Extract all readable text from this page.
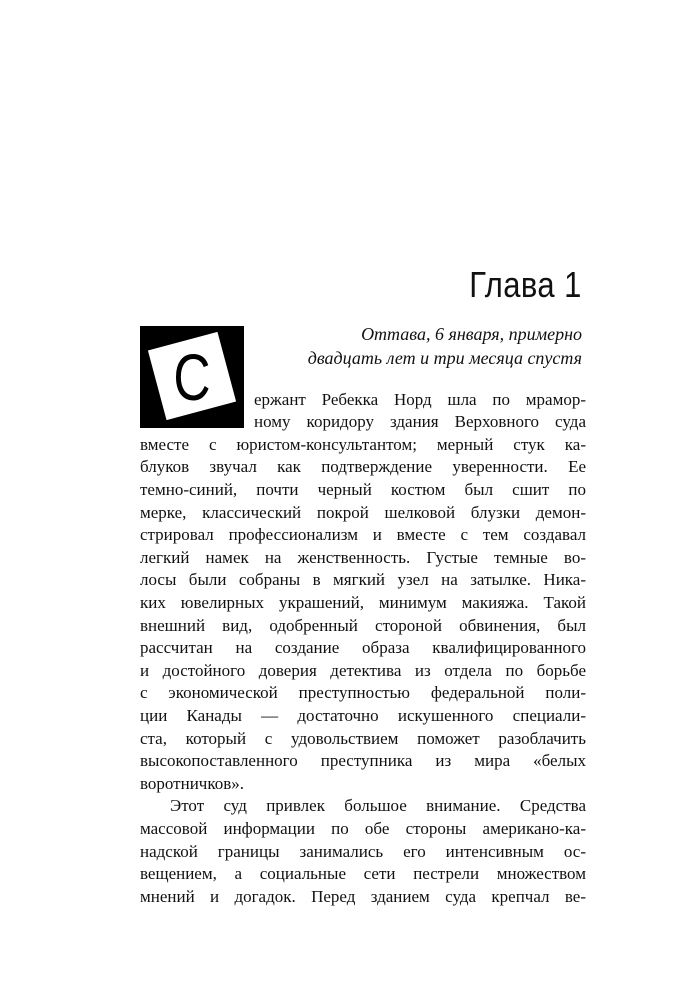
Глава 1
Оттава, 6 января, примерно
двадцать лет и три месяца спустя
С	ержант Ребекка Норд шла по мрамор-
ному коридору здания Верховного суда
вместе с юристом-консультантом; мерный стук ка-
блуков звучал как подтверждение уверенности. Ее
темно-синий, почти черный костюм был сшит по
мерке, классический покрой шелковой блузки демон-
стрировал профессионализм и вместе с тем создавал
легкий намек на женственность. Густые темные во-
лосы были собраны в мягкий узел на затылке. Ника-
ких ювелирных украшений, минимум макияжа. Такой
внешний вид, одобренный стороной обвинения, был
рассчитан на создание образа квалифицированного
и достойного доверия детектива из отдела по борьбе
с экономической преступностью федеральной поли-
ции Канады — достаточно искушенного специали-
ста, который с удовольствием поможет разоблачить
высокопоставленного преступника из мира «белых
воротничков».
Этот суд привлек большое внимание. Средства
массовой информации по обе стороны американо-ка-
надской границы занимались его интенсивным ос-
вещением, а социальные сети пестрели множеством
мнений и догадок. Перед зданием суда крепчал ве-
